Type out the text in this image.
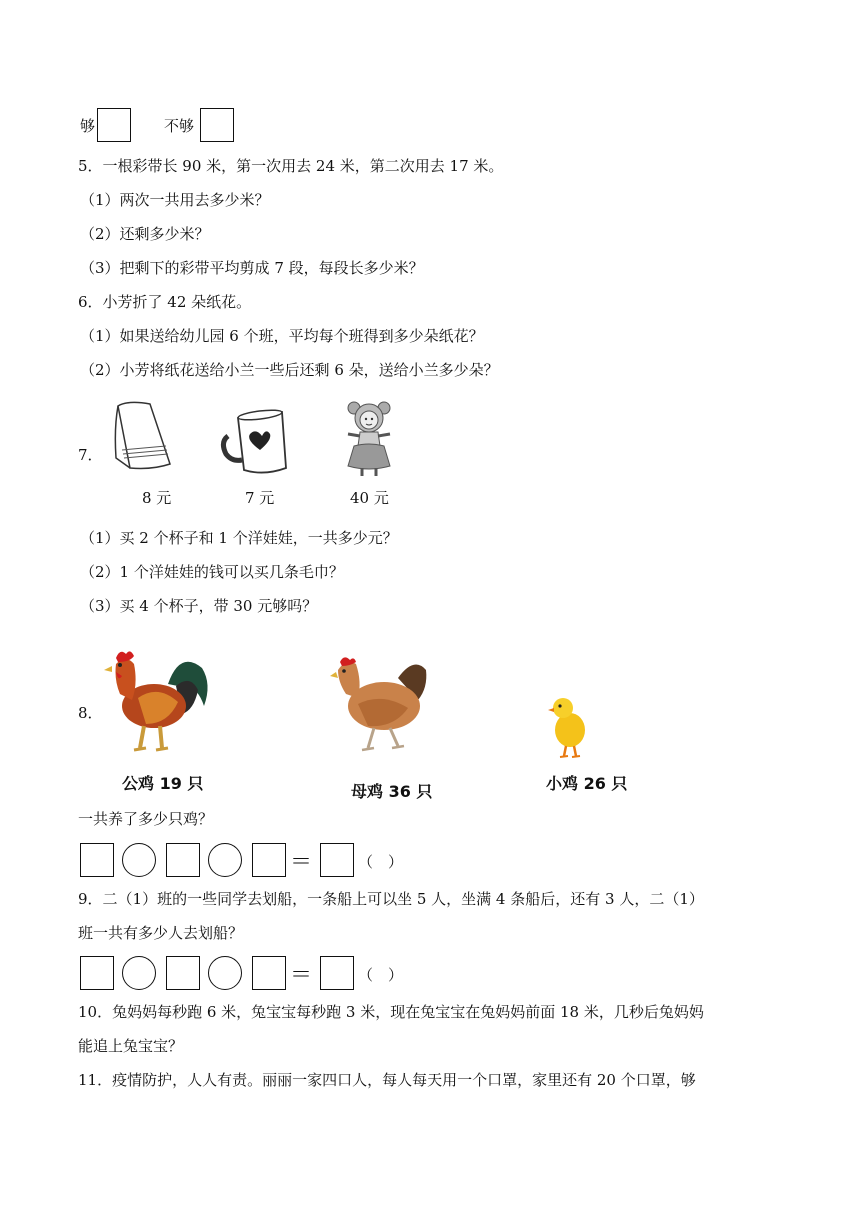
够	不够
5．一根彩带长 90 米，第一次用去 24 米，第二次用去 17 米。
（1）两次一共用去多少米？
（2）还剩多少米？
（3）把剩下的彩带平均剪成 7 段，每段长多少米？
6．小芳折了 42 朵纸花。
（1）如果送给幼儿园 6 个班，平均每个班得到多少朵纸花？
（2）小芳将纸花送给小兰一些后还剩 6 朵，送给小兰多少朵？
7．
8 元	7 元	40 元
（1）买 2 个杯子和 1 个洋娃娃，一共多少元？
（2）1 个洋娃娃的钱可以买几条毛巾？
（3）买 4 个杯子，带 30 元够吗？
8．
公鸡 19 只	母鸡 36 只	小鸡 26 只
一共养了多少只鸡？
＝	（　）
9．二（1）班的一些同学去划船，一条船上可以坐 5 人，坐满 4 条船后，还有 3 人，二（1）
班一共有多少人去划船？
＝	（　）
10．兔妈妈每秒跑 6 米，兔宝宝每秒跑 3 米，现在兔宝宝在兔妈妈前面 18 米，几秒后兔妈妈
能追上兔宝宝？
11．疫情防护，人人有责。丽丽一家四口人，每人每天用一个口罩，家里还有 20 个口罩，够
